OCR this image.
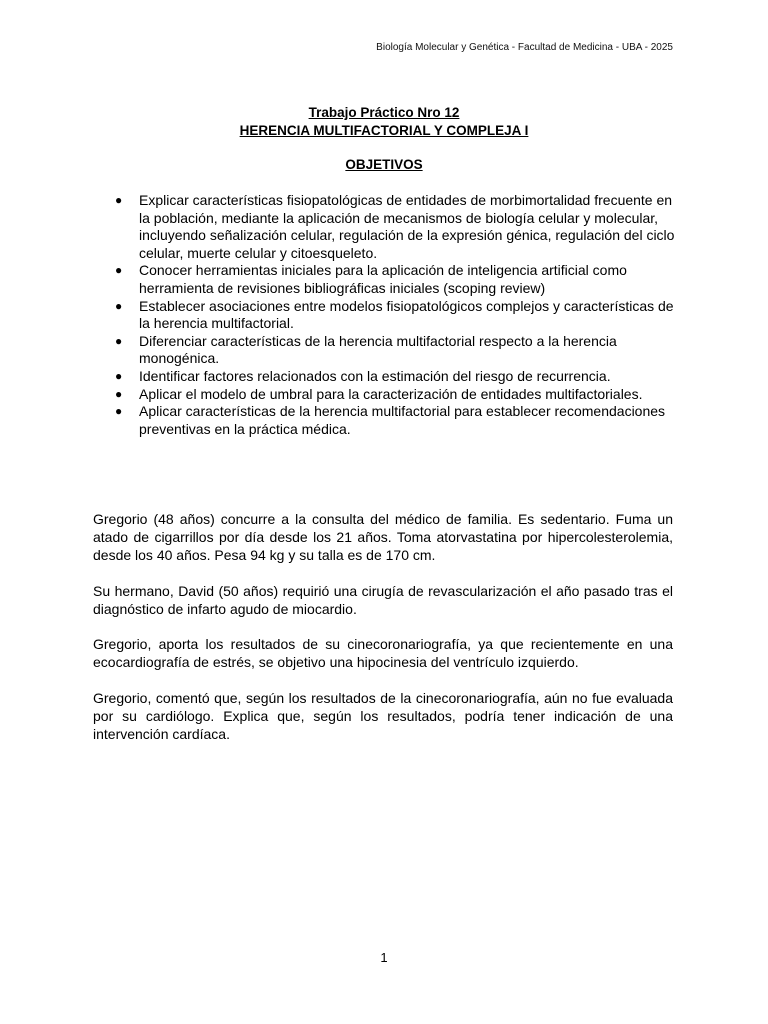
Biología Molecular y Genética - Facultad de Medicina - UBA - 2025
Trabajo Práctico Nro 12
HERENCIA MULTIFACTORIAL Y COMPLEJA I
OBJETIVOS
● Explicar características fisiopatológicas de entidades de morbimortalidad frecuente en la población, mediante la aplicación de mecanismos de biología celular y molecular, incluyendo señalización celular, regulación de la expresión génica, regulación del ciclo celular, muerte celular y citoesqueleto.
● Conocer herramientas iniciales para la aplicación de inteligencia artificial como herramienta de revisiones bibliográficas iniciales (scoping review)
● Establecer asociaciones entre modelos fisiopatológicos complejos y características de la herencia multifactorial.
● Diferenciar características de la herencia multifactorial respecto a la herencia monogénica.
● Identificar factores relacionados con la estimación del riesgo de recurrencia.
● Aplicar el modelo de umbral para la caracterización de entidades multifactoriales.
● Aplicar características de la herencia multifactorial para establecer recomendaciones preventivas en la práctica médica.

Gregorio (48 años) concurre a la consulta del médico de familia. Es sedentario. Fuma un atado de cigarrillos por día desde los 21 años. Toma atorvastatina por hipercolesterolemia, desde los 40 años. Pesa 94 kg y su talla es de 170 cm.

Su hermano, David (50 años) requirió una cirugía de revascularización el año pasado tras el diagnóstico de infarto agudo de miocardio.

Gregorio, aporta los resultados de su cinecoronariografía, ya que recientemente en una ecocardiografía de estrés, se objetivo una hipocinesia del ventrículo izquierdo.

Gregorio, comentó que, según los resultados de la cinecoronariografía, aún no fue evaluada por su cardiólogo. Explica que, según los resultados, podría tener indicación de una intervención cardíaca.

1
